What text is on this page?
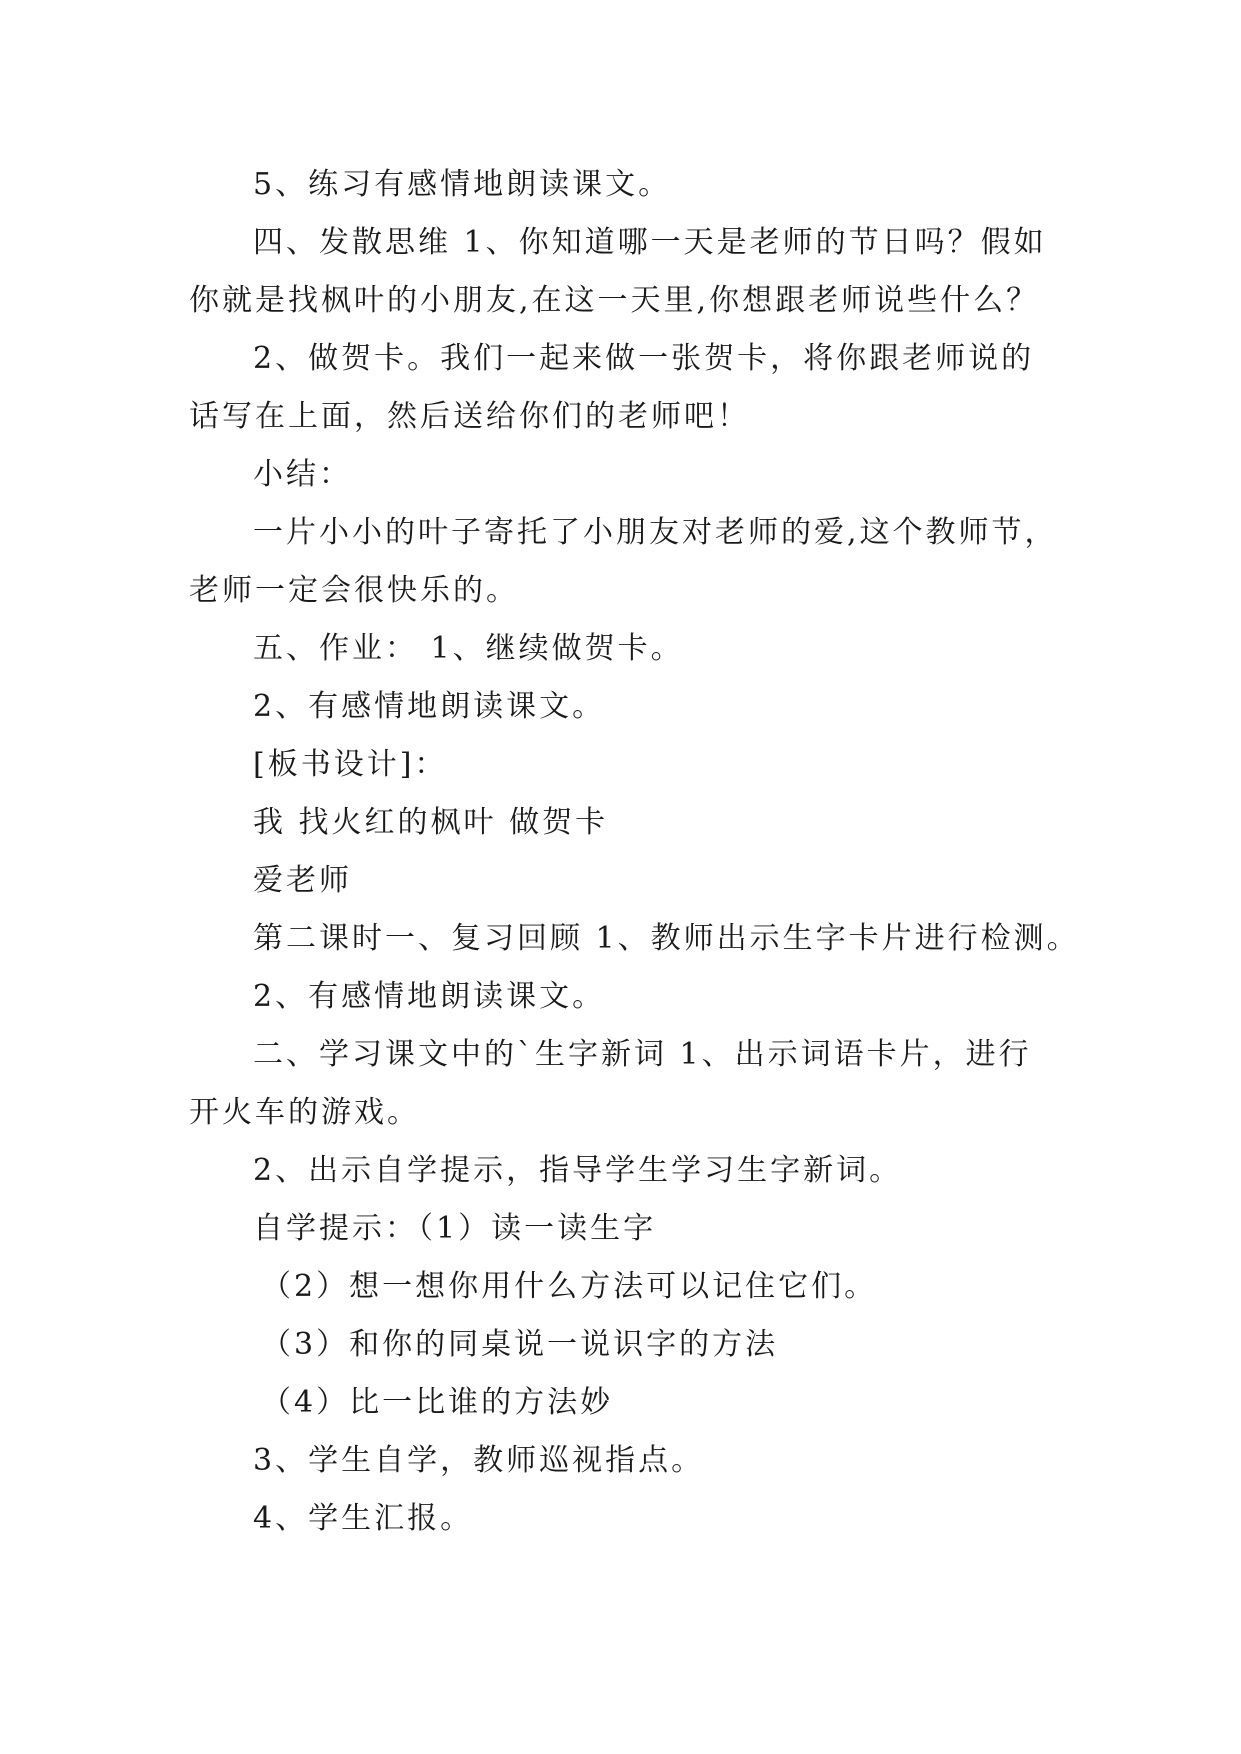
5、练习有感情地朗读课文。
四、发散思维 1、你知道哪一天是老师的节日吗？假如
你就是找枫叶的小朋友,在这一天里,你想跟老师说些什么？
2、做贺卡。我们一起来做一张贺卡，将你跟老师说的
话写在上面，然后送给你们的老师吧！
小结：
一片小小的叶子寄托了小朋友对老师的爱,这个教师节，
老师一定会很快乐的。
五、作业： 1、继续做贺卡。
2、有感情地朗读课文。
[板书设计]：
我 找火红的枫叶 做贺卡
爱老师
第二课时一、复习回顾 1、教师出示生字卡片进行检测。
2、有感情地朗读课文。
二、学习课文中的`生字新词 1、出示词语卡片，进行
开火车的游戏。
2、出示自学提示，指导学生学习生字新词。
自学提示：（1）读一读生字
（2）想一想你用什么方法可以记住它们。
（3）和你的同桌说一说识字的方法
（4）比一比谁的方法妙
3、学生自学，教师巡视指点。
4、学生汇报。
